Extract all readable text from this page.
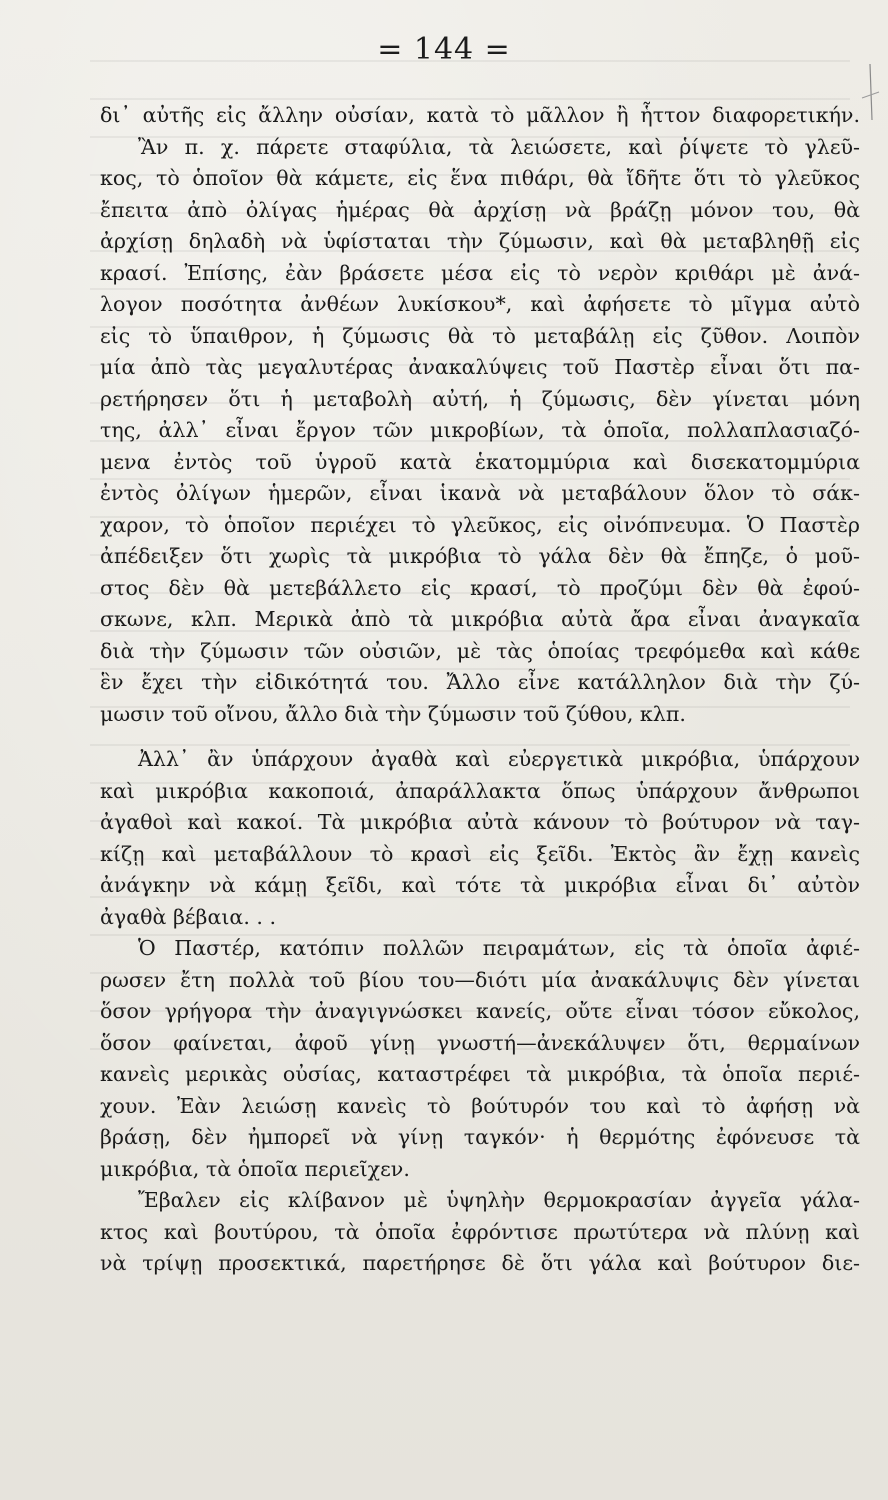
= 144 =
δι᾽ αὐτῆς εἰς ἄλλην οὐσίαν, κατὰ τὸ μᾶλλον ἢ ἧττον διαφορετικήν.
Ἂν π. χ. πάρετε σταφύλια, τὰ λειώσετε, καὶ ῥίψετε τὸ γλεῦ-
κος, τὸ ὁποῖον θὰ κάμετε, εἰς ἕνα πιθάρι, θὰ ἴδῆτε ὅτι τὸ γλεῦκος
ἔπειτα ἀπὸ ὀλίγας ἡμέρας θὰ ἀρχίσῃ νὰ βράζῃ μόνον του, θὰ
ἀρχίσῃ δηλαδὴ νὰ ὑφίσταται τὴν ζύμωσιν, καὶ θὰ μεταβληθῇ εἰς
κρασί. Ἐπίσης, ἐὰν βράσετε μέσα εἰς τὸ νερὸν κριθάρι μὲ ἀνά-
λογον ποσότητα ἀνθέων λυκίσκου*, καὶ ἀφήσετε τὸ μῖγμα αὐτὸ
εἰς τὸ ὕπαιθρον, ἡ ζύμωσις θὰ τὸ μεταβάλῃ εἰς ζῦθον. Λοιπὸν
μία ἀπὸ τὰς μεγαλυτέρας ἀνακαλύψεις τοῦ Παστὲρ εἶναι ὅτι πα-
ρετήρησεν ὅτι ἡ μεταβολὴ αὐτή, ἡ ζύμωσις, δὲν γίνεται μόνη
της, ἀλλ᾽ εἶναι ἔργον τῶν μικροβίων, τὰ ὁποῖα, πολλαπλασιαζό-
μενα ἐντὸς τοῦ ὑγροῦ κατὰ ἑκατομμύρια καὶ δισεκατομμύρια
ἐντὸς ὀλίγων ἡμερῶν, εἶναι ἱκανὰ νὰ μεταβάλουν ὅλον τὸ σάκ-
χαρον, τὸ ὁποῖον περιέχει τὸ γλεῦκος, εἰς οἰνόπνευμα. Ὁ Παστὲρ
ἀπέδειξεν ὅτι χωρὶς τὰ μικρόβια τὸ γάλα δὲν θὰ ἔπηζε, ὁ μοῦ-
στος δὲν θὰ μετεβάλλετο εἰς κρασί, τὸ προζύμι δὲν θὰ ἐφού-
σκωνε, κλπ. Μερικὰ ἀπὸ τὰ μικρόβια αὐτὰ ἄρα εἶναι ἀναγκαῖα
διὰ τὴν ζύμωσιν τῶν οὐσιῶν, μὲ τὰς ὁποίας τρεφόμεθα καὶ κάθε
ἓν ἔχει τὴν εἰδικότητά του. Ἄλλο εἶνε κατάλληλον διὰ τὴν ζύ-
μωσιν τοῦ οἴνου, ἄλλο διὰ τὴν ζύμωσιν τοῦ ζύθου, κλπ.
Ἀλλ᾽ ἂν ὑπάρχουν ἀγαθὰ καὶ εὐεργετικὰ μικρόβια, ὑπάρχουν
καὶ μικρόβια κακοποιά, ἀπαράλλακτα ὅπως ὑπάρχουν ἄνθρωποι
ἀγαθοὶ καὶ κακοί. Τὰ μικρόβια αὐτὰ κάνουν τὸ βούτυρον νὰ ταγ-
κίζῃ καὶ μεταβάλλουν τὸ κρασὶ εἰς ξεῖδι. Ἐκτὸς ἂν ἔχῃ κανεὶς
ἀνάγκην νὰ κάμῃ ξεῖδι, καὶ τότε τὰ μικρόβια εἶναι δι᾽ αὐτὸν
ἀγαθὰ βέβαια. . .
Ὁ Παστέρ, κατόπιν πολλῶν πειραμάτων, εἰς τὰ ὁποῖα ἀφιέ-
ρωσεν ἔτη πολλὰ τοῦ βίου του—διότι μία ἀνακάλυψις δὲν γίνεται
ὅσον γρήγορα τὴν ἀναγιγνώσκει κανείς, οὔτε εἶναι τόσον εὔκολος,
ὅσον φαίνεται, ἀφοῦ γίνῃ γνωστή—ἀνεκάλυψεν ὅτι, θερμαίνων
κανεὶς μερικὰς οὐσίας, καταστρέφει τὰ μικρόβια, τὰ ὁποῖα περιέ-
χουν. Ἐὰν λειώσῃ κανεὶς τὸ βούτυρόν του καὶ τὸ ἀφήσῃ νὰ
βράσῃ, δὲν ἠμπορεῖ νὰ γίνῃ ταγκόν· ἡ θερμότης ἐφόνευσε τὰ
μικρόβια, τὰ ὁποῖα περιεῖχεν.
Ἔβαλεν εἰς κλίβανον μὲ ὑψηλὴν θερμοκρασίαν ἀγγεῖα γάλα-
κτος καὶ βουτύρου, τὰ ὁποῖα ἐφρόντισε πρωτύτερα νὰ πλύνῃ καὶ
νὰ τρίψῃ προσεκτικά, παρετήρησε δὲ ὅτι γάλα καὶ βούτυρον διε-
